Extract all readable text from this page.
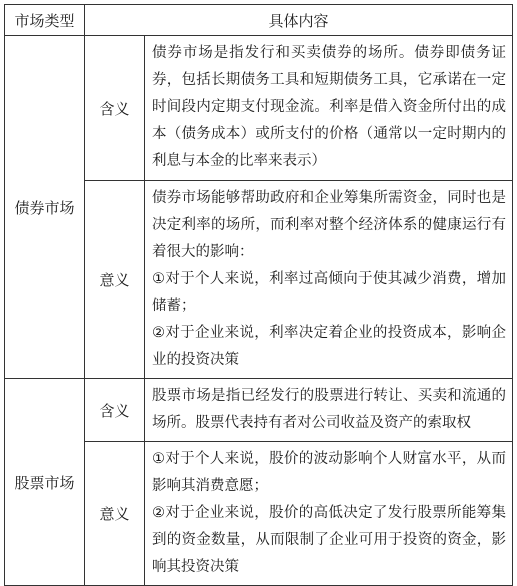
市场类型	具体内容	
债券市场	含义	债券市场是指发行和买卖债券的场所。债券即债务证券，包括长期债务工具和短期债务工具，它承诺在一定时间段内定期支付现金流。利率是借入资金所付出的成本（债务成本）或所支付的价格（通常以一定时期内的利息与本金的比率来表示）

	意义	债券市场能够帮助政府和企业筹集所需资金，同时也是决定利率的场所，而利率对整个经济体系的健康运行有着很大的影响：

①对于个人来说，利率过高倾向于使其减少消费，增加储蓄；

②对于企业来说，利率决定着企业的投资成本，影响企业的投资决策

股票市场	含义	股票市场是指已经发行的股票进行转让、买卖和流通的场所。股票代表持有者对公司收益及资产的索取权

	意义	①对于个人来说，股价的波动影响个人财富水平，从而影响其消费意愿；

②对于企业来说，股价的高低决定了发行股票所能筹集到的资金数量，从而限制了企业可用于投资的资金，影响其投资决策
